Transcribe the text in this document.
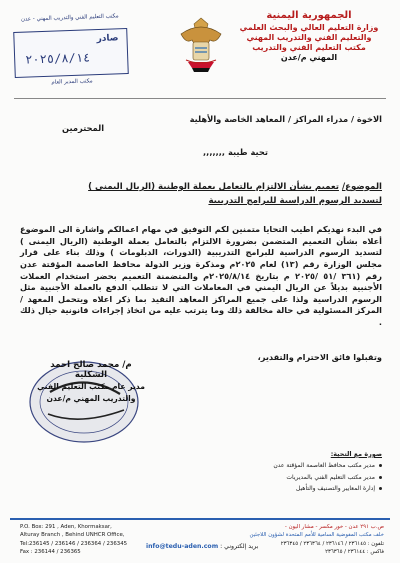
الجمهورية اليمنية
وزارة التعليم العالي والبحث العلمي
والتعليم الفني والتدريب المهني
مكتب التعليم الفني والتدريب
المهني م/عدن
مكتب التعليم الفني والتدريب المهني - عدن
صادر
٢٠٢٥/٨/١٤
مكتب المدير العام
الاخوة / مدراء المراكز / المعاهد الخاصة والأهلية
المحترمين
تحية طيبة ,,,,,,,
الموضوع/ تعميم بشأن الالتزام بالتعامل بعملة الوطنية (الريال اليمنى )
لتسديد الرسوم الدراسية للبرامج التدريبية
في البدء نهديكم اطيب التحايا متمنين لكم التوفيق في مهام اعمالكم واشارة الى الموضوع أعلاه بشأن التعميم المتضمن بضرورة الالتزام بالتعامل بعملة الوطنية (الريال اليمنى ) لتسديد الرسوم الدراسية للبرامج التدريبية (الدورات، الدبلومات ) وذلك بناء على قرار مجلس الوزارة رقم (١٣) لعام ٢٠٢٥م ومذكرة وزير الدولة محافظ العاصمة المؤقتة عدن رقم (٣٦١ /٥١ /٢٠٢٥ م بتاريخ ٢٠٢٥/٨/١٤م والمتضمنة التعميم بحضر استخدام العملات الأجنبية بديلاً عن الريال اليمني في المعاملات التي لا تتطلب الدفع بالعملة الأجنبية مثل الرسوم الدراسية ولذا على جميع المراكز المعاهد التقيد بما ذكر اعلاه ويتحمل المعهد / المركز المسئولية في حالة مخالفة ذلك وما يترتب عليه من اتخاذ إجراءات قانونية حيال ذلك .
وتقبلوا فائق الاحترام والتقدير،
م/ محمد صالح احمد الشكلية
مدير عام مكتب التعليم الفني
والتدريب المهني م/عدن
صورة مع التحية:
مدير مكتب محافظ العاصمة المؤقتة عدن
مدير مكتب التعليم الفني بالمديريات
إدارة المعايير والتصنيف والتأهيل
P.O. Box: 291 , Aden, Khormaksar,
Alturay Branch , Behind UNHCR Office,
Tel:236145 / 236146 / 236364 / 236345
Fax : 236144 / 236365
info@tedu-aden.com بريد إلكتروني :
ص.ب ٢٩١ عدن - خور مكسر - مشار اليون -
خلف مكتب المفوضية السامية للأمم المتحدة لشؤون اللاجئين
تلفون : ٢٣٦١٤٥ / ٢٣٦١٤٦ / ٢٣٦٣٦٤ / ٢٣٦٣٤٥
فاكس : ٢٣٦١٤٤ / ٢٣٦٣٦٥
